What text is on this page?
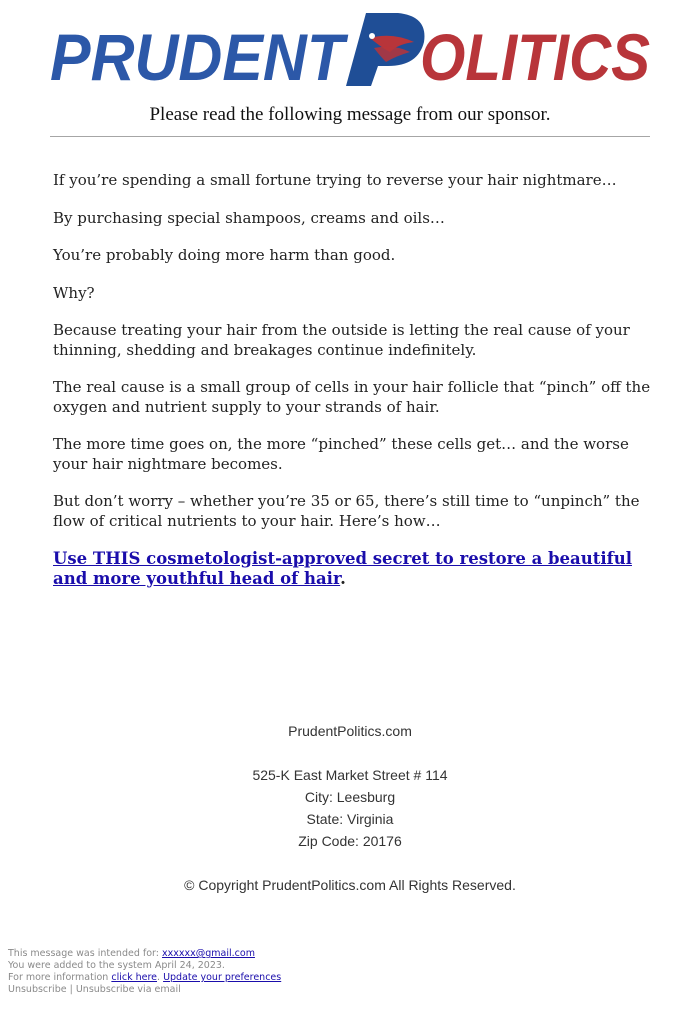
PRUDENT OLITICS
Please read the following message from our sponsor.

If you’re spending a small fortune trying to reverse your hair nightmare…

By purchasing special shampoos, creams and oils…

You’re probably doing more harm than good.

Why?

Because treating your hair from the outside is letting the real cause of your thinning, shedding and breakages continue indefinitely.

The real cause is a small group of cells in your hair follicle that “pinch” off the oxygen and nutrient supply to your strands of hair.

The more time goes on, the more “pinched” these cells get… and the worse your hair nightmare becomes.

But don’t worry – whether you’re 35 or 65, there’s still time to “unpinch” the flow of critical nutrients to your hair. Here’s how…

Use THIS cosmetologist-approved secret to restore a beautiful and more youthful head of hair.

PrudentPolitics.com
525-K East Market Street # 114
City: Leesburg
State: Virginia
Zip Code: 20176
© Copyright PrudentPolitics.com All Rights Reserved.
This message was intended for: xxxxxx@gmail.com
You were added to the system April 24, 2023.
For more information click here. Update your preferences
Unsubscribe | Unsubscribe via email
